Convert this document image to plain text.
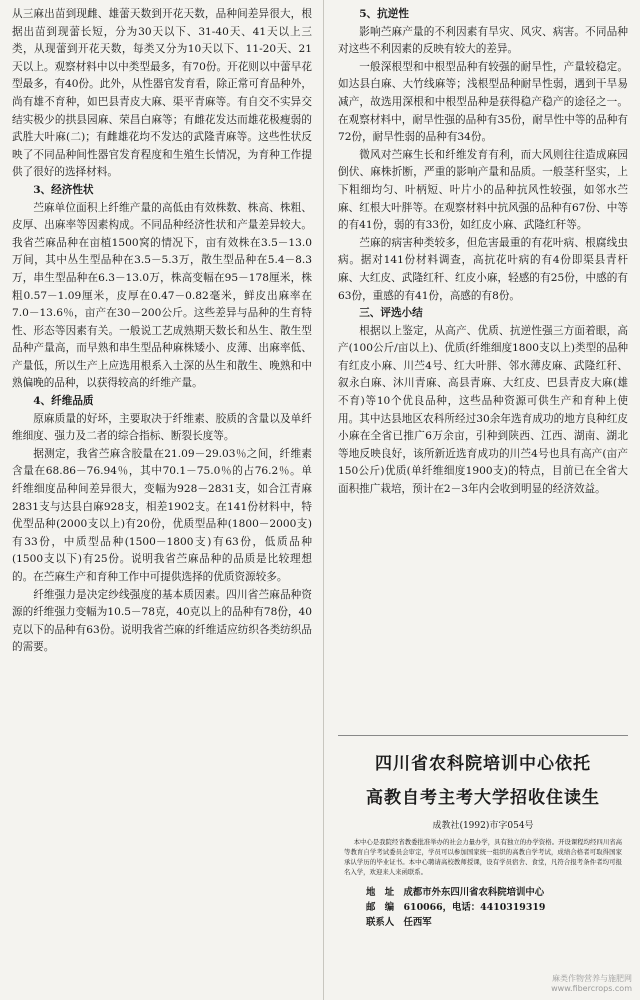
从三麻出苗到现雌、雄蕾天数到开花天数，品种间差异很大，根据出苗到现蕾长短，分为30天以下、31-40天、41天以上三类，从现蕾到开花天数，每类又分为10天以下、11-20天、21天以上。观察材料中以中类型最多，有70份。开花则以中蕾早花型最多，有40份。此外，从性器官发育看，除正常可育品种外，尚有雄不育种，如巴县青皮大麻、渠平青麻等。有自交不实异交结实极少的拱县园麻、荣昌白麻等；有雌花发达而雄花极瘦弱的武胜大叶麻(二)；有雌雄花均不发达的武隆青麻等。这些性状反映了不同品种间性器官发育程度和生殖生长情况，为育种工作提供了很好的选择材料。

3、经济性状

苎麻单位面积上纤维产量的高低由有效株数、株高、株粗、皮厚、出麻率等因素构成。不同品种经济性状和产量差异较大。我省苎麻品种在亩植1500窝的情况下，亩有效株在3.5－13.0万间，其中丛生型品种在3.5－5.3万，散生型品种在5.4－8.3万，串生型品种在6.3－13.0万，株高变幅在95－178厘米，株粗0.57－1.09厘米，皮厚在0.47－0.82毫米，鲜皮出麻率在7.0－13.6％，亩产在30－200公斤。这些差异与品种的生育特性、形态等因素有关。一般说工艺成熟期天数长和丛生、散生型品种产量高，而早熟和串生型品种麻株矮小、皮薄、出麻率低、产量低，所以生产上应选用根系入土深的丛生和散生、晚熟和中熟偏晚的品种，以获得较高的纤维产量。

4、纤维品质

原麻质量的好坏，主要取决于纤维素、胶质的含量以及单纤维细度、强力及二者的综合指标、断裂长度等。

据测定，我省苎麻含胶量在21.09－29.03％之间，纤维素含量在68.86－76.94％，其中70.1－75.0％的占76.2％。单纤维细度品种间差异很大，变幅为928－2831支，如合江青麻2831支与达县白麻928支，相差1902支。在141份材料中，特优型品种(2000支以上)有20份，优质型品种(1800－2000支)有33份，中质型品种(1500－1800支)有63份，低质品种(1500支以下)有25份。说明我省苎麻品种的品质是比较理想的。在苎麻生产和育种工作中可提供选择的优质资源较多。

纤维强力是决定纱线强度的基本质因素。四川省苎麻品种资源的纤维强力变幅为10.5－78克，40克以上的品种有78份，40克以下的品种有63份。说明我省苎麻的纤维适应纺织各类纺织品的需要。

5、抗逆性

影响苎麻产量的不利因素有旱灾、风灾、病害。不同品种对这些不利因素的反映有较大的差异。

一般深根型和中根型品种有较强的耐旱性，产量较稳定。如达县白麻、大竹线麻等；浅根型品种耐旱性弱，遇到干旱易减产，故选用深根和中根型品种是获得稳产稳产的途径之一。在观察材料中，耐旱性强的品种有35份，耐旱性中等的品种有72份，耐旱性弱的品种有34份。

微风对苎麻生长和纤维发育有利，而大风则往往造成麻园倒伏、麻株折断，严重的影响产量和品质。一般茎秆坚实，上下粗细均匀、叶柄短、叶片小的品种抗风性较强，如邻水苎麻、红根大叶胖等。在观察材料中抗风强的品种有67份、中等的有41份，弱的有33份，如红皮小麻、武隆红秆等。

苎麻的病害种类较多，但危害最重的有花叶病、根腐线虫病。据对141份材料调查，高抗花叶病的有4份即渠县青杆麻、大红皮、武隆红秆、红皮小麻，轻感的有25份，中感的有63份，重感的有41份，高感的有8份。

三、评选小结

根据以上鉴定，从高产、优质、抗逆性强三方面着眼，高产(100公斤/亩以上)、优质(纤维细度1800支以上)类型的品种有红皮小麻、川苎4号、红大叶胖、邻水薄皮麻、武隆红秆、叙永白麻、沐川青麻、高县青麻、大红皮、巴县青皮大麻(雄不育)等10个优良品种，这些品种资源可供生产和育种上使用。其中达县地区农科所经过30余年选育成功的地方良种红皮小麻在全省已推广6万余亩，引种到陕西、江西、湖南、湖北等地反映良好，该所新近选育成功的川苎4号也具有高产(亩产150公斤)优质(单纤维细度1900支)的特点，目前已在全省大面积推广栽培，预计在2－3年内会收到明显的经济效益。

四川省农科院培训中心依托
高教自考主考大学招收住读生
成教社(1992)市字054号
本中心是我院经省教委批准举办的社会力量办学，具有独立的办学资格。开设课程均经四川省高等教育自学考试委员会审定，学员可以参加国家统一组织的高教自学考试，成绩合格者可取得国家承认学历的毕业证书。本中心聘请高校教师授课，设有学员宿舍、食堂，凡符合报考条件者均可报名入学，欢迎来人来函联系。
地　址　 成都市外东四川省农科院培训中心
邮　编　 610066，电话：4410319319
联系人　 任西军
麻类作物营养与施肥网
www.fibercrops.com
